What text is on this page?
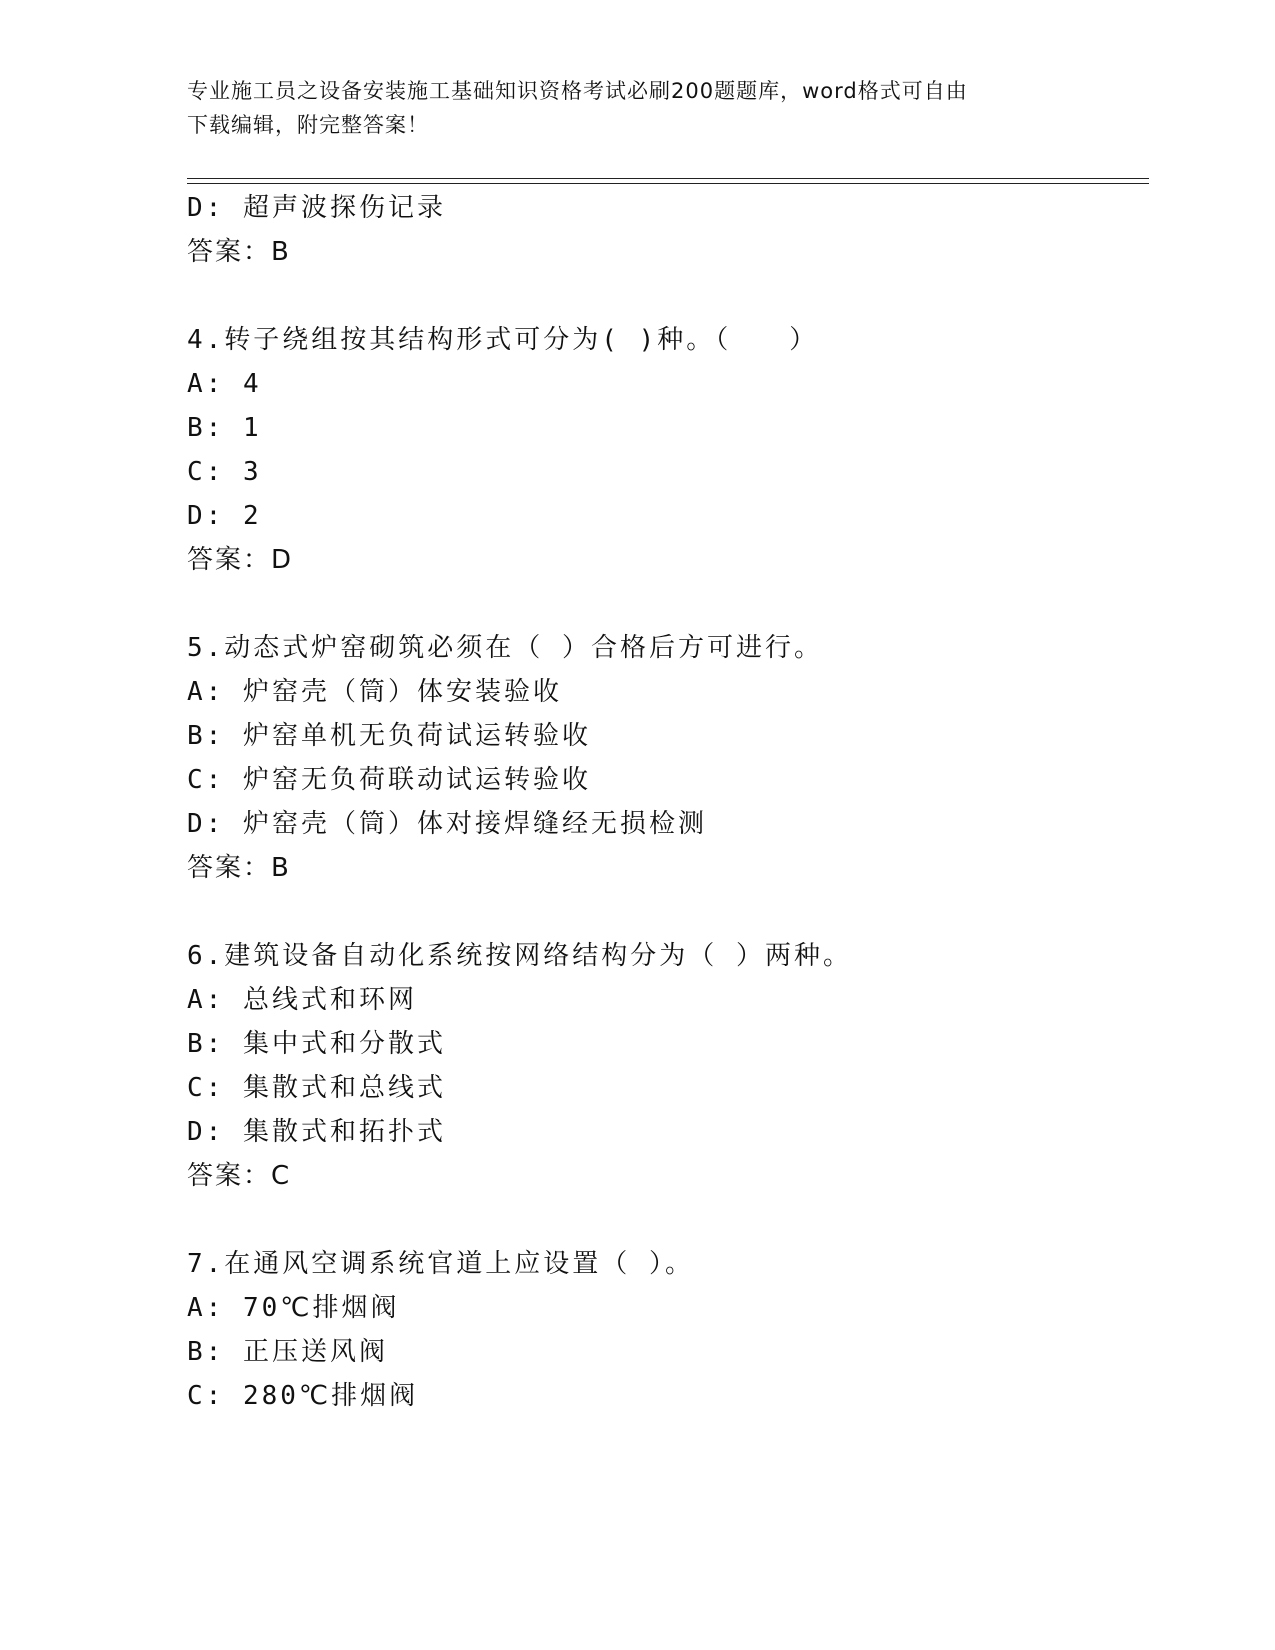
专业施工员之设备安装施工基础知识资格考试必刷200题题库，word格式可自由
下载编辑，附完整答案！
D: 超声波探伤记录
答案：B
4.转子绕组按其结构形式可分为( )种。（　　）
A: 4
B: 1
C: 3
D: 2
答案：D
5.动态式炉窑砌筑必须在（ ）合格后方可进行。
A: 炉窑壳（筒）体安装验收
B: 炉窑单机无负荷试运转验收
C: 炉窑无负荷联动试运转验收
D: 炉窑壳（筒）体对接焊缝经无损检测
答案：B
6.建筑设备自动化系统按网络结构分为（ ）两种。
A: 总线式和环网
B: 集中式和分散式
C: 集散式和总线式
D: 集散式和拓扑式
答案：C
7.在通风空调系统官道上应设置（ ）。
A: 70℃排烟阀
B: 正压送风阀
C: 280℃排烟阀
